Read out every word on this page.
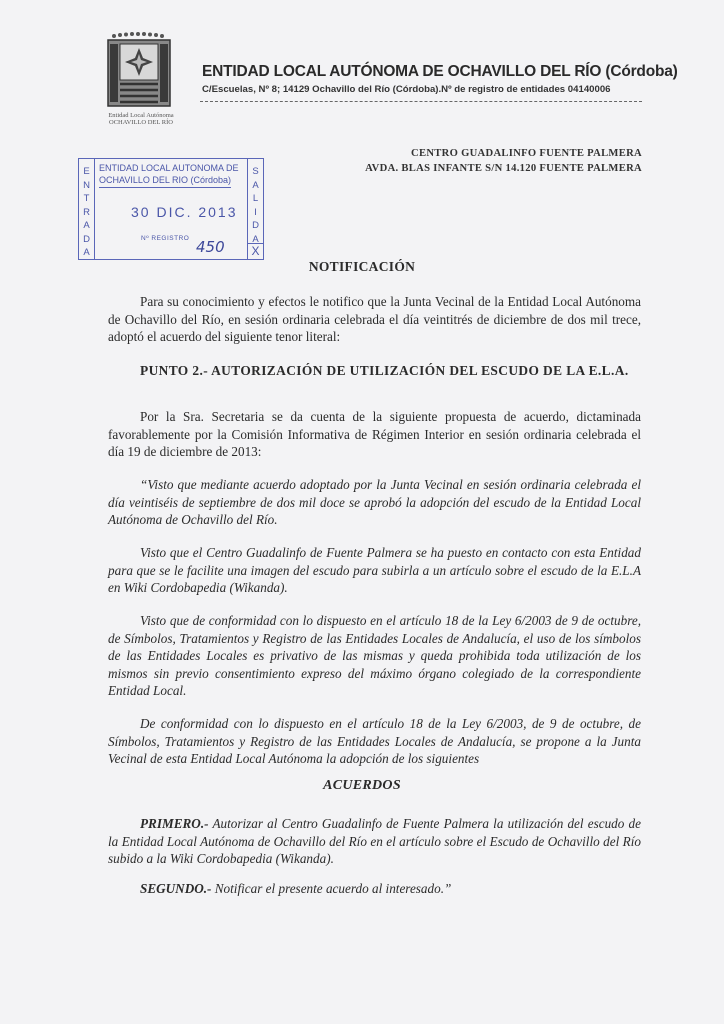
Entidad Local Autónoma OCHAVILLO DEL RÍO
ENTIDAD LOCAL AUTÓNOMA DE OCHAVILLO DEL RÍO (Córdoba)
C/Escuelas, Nº 8; 14129 Ochavillo del Río (Córdoba).Nº de registro de entidades 04140006
CENTRO GUADALINFO FUENTE PALMERA
AVDA. BLAS INFANTE S/N 14.120 FUENTE PALMERA
E
N
T
R
A
D
A
S
A
L
I
D
A
ENTIDAD LOCAL AUTONOMA DE
OCHAVILLO DEL RIO (Córdoba)
30 DIC. 2013
Nº REGISTRO 450 X
NOTIFICACIÓN
Para su conocimiento y efectos le notifico que la Junta Vecinal de la Entidad Local Autónoma de Ochavillo del Río, en sesión ordinaria celebrada el día veintitrés de diciembre de dos mil trece, adoptó el acuerdo del siguiente tenor literal:
PUNTO 2.- AUTORIZACIÓN DE UTILIZACIÓN DEL ESCUDO DE LA E.L.A.
Por la Sra. Secretaria se da cuenta de la siguiente propuesta de acuerdo, dictaminada favorablemente por la Comisión Informativa de Régimen Interior en sesión ordinaria celebrada el día 19 de diciembre de 2013:
“Visto que mediante acuerdo adoptado por la Junta Vecinal en sesión ordinaria celebrada el día veintiséis de septiembre de dos mil doce se aprobó la adopción del escudo de la Entidad Local Autónoma de Ochavillo del Río.
Visto que el Centro Guadalinfo de Fuente Palmera se ha puesto en contacto con esta Entidad para que se le facilite una imagen del escudo para subirla a un artículo sobre el escudo de la E.L.A en Wiki Cordobapedia (Wikanda).
Visto que de conformidad con lo dispuesto en el artículo 18 de la Ley 6/2003 de 9 de octubre, de Símbolos, Tratamientos y Registro de las Entidades Locales de Andalucía, el uso de los símbolos de las Entidades Locales es privativo de las mismas y queda prohibida toda utilización de los mismos sin previo consentimiento expreso del máximo órgano colegiado de la correspondiente Entidad Local.
De conformidad con lo dispuesto en el artículo 18 de la Ley 6/2003, de 9 de octubre, de Símbolos, Tratamientos y Registro de las Entidades Locales de Andalucía, se propone a la Junta Vecinal de esta Entidad Local Autónoma la adopción de los siguientes
ACUERDOS
PRIMERO.- Autorizar al Centro Guadalinfo de Fuente Palmera la utilización del escudo de la Entidad Local Autónoma de Ochavillo del Río en el artículo sobre el Escudo de Ochavillo del Río subido a la Wiki Cordobapedia (Wikanda).
SEGUNDO.- Notificar el presente acuerdo al interesado.”
